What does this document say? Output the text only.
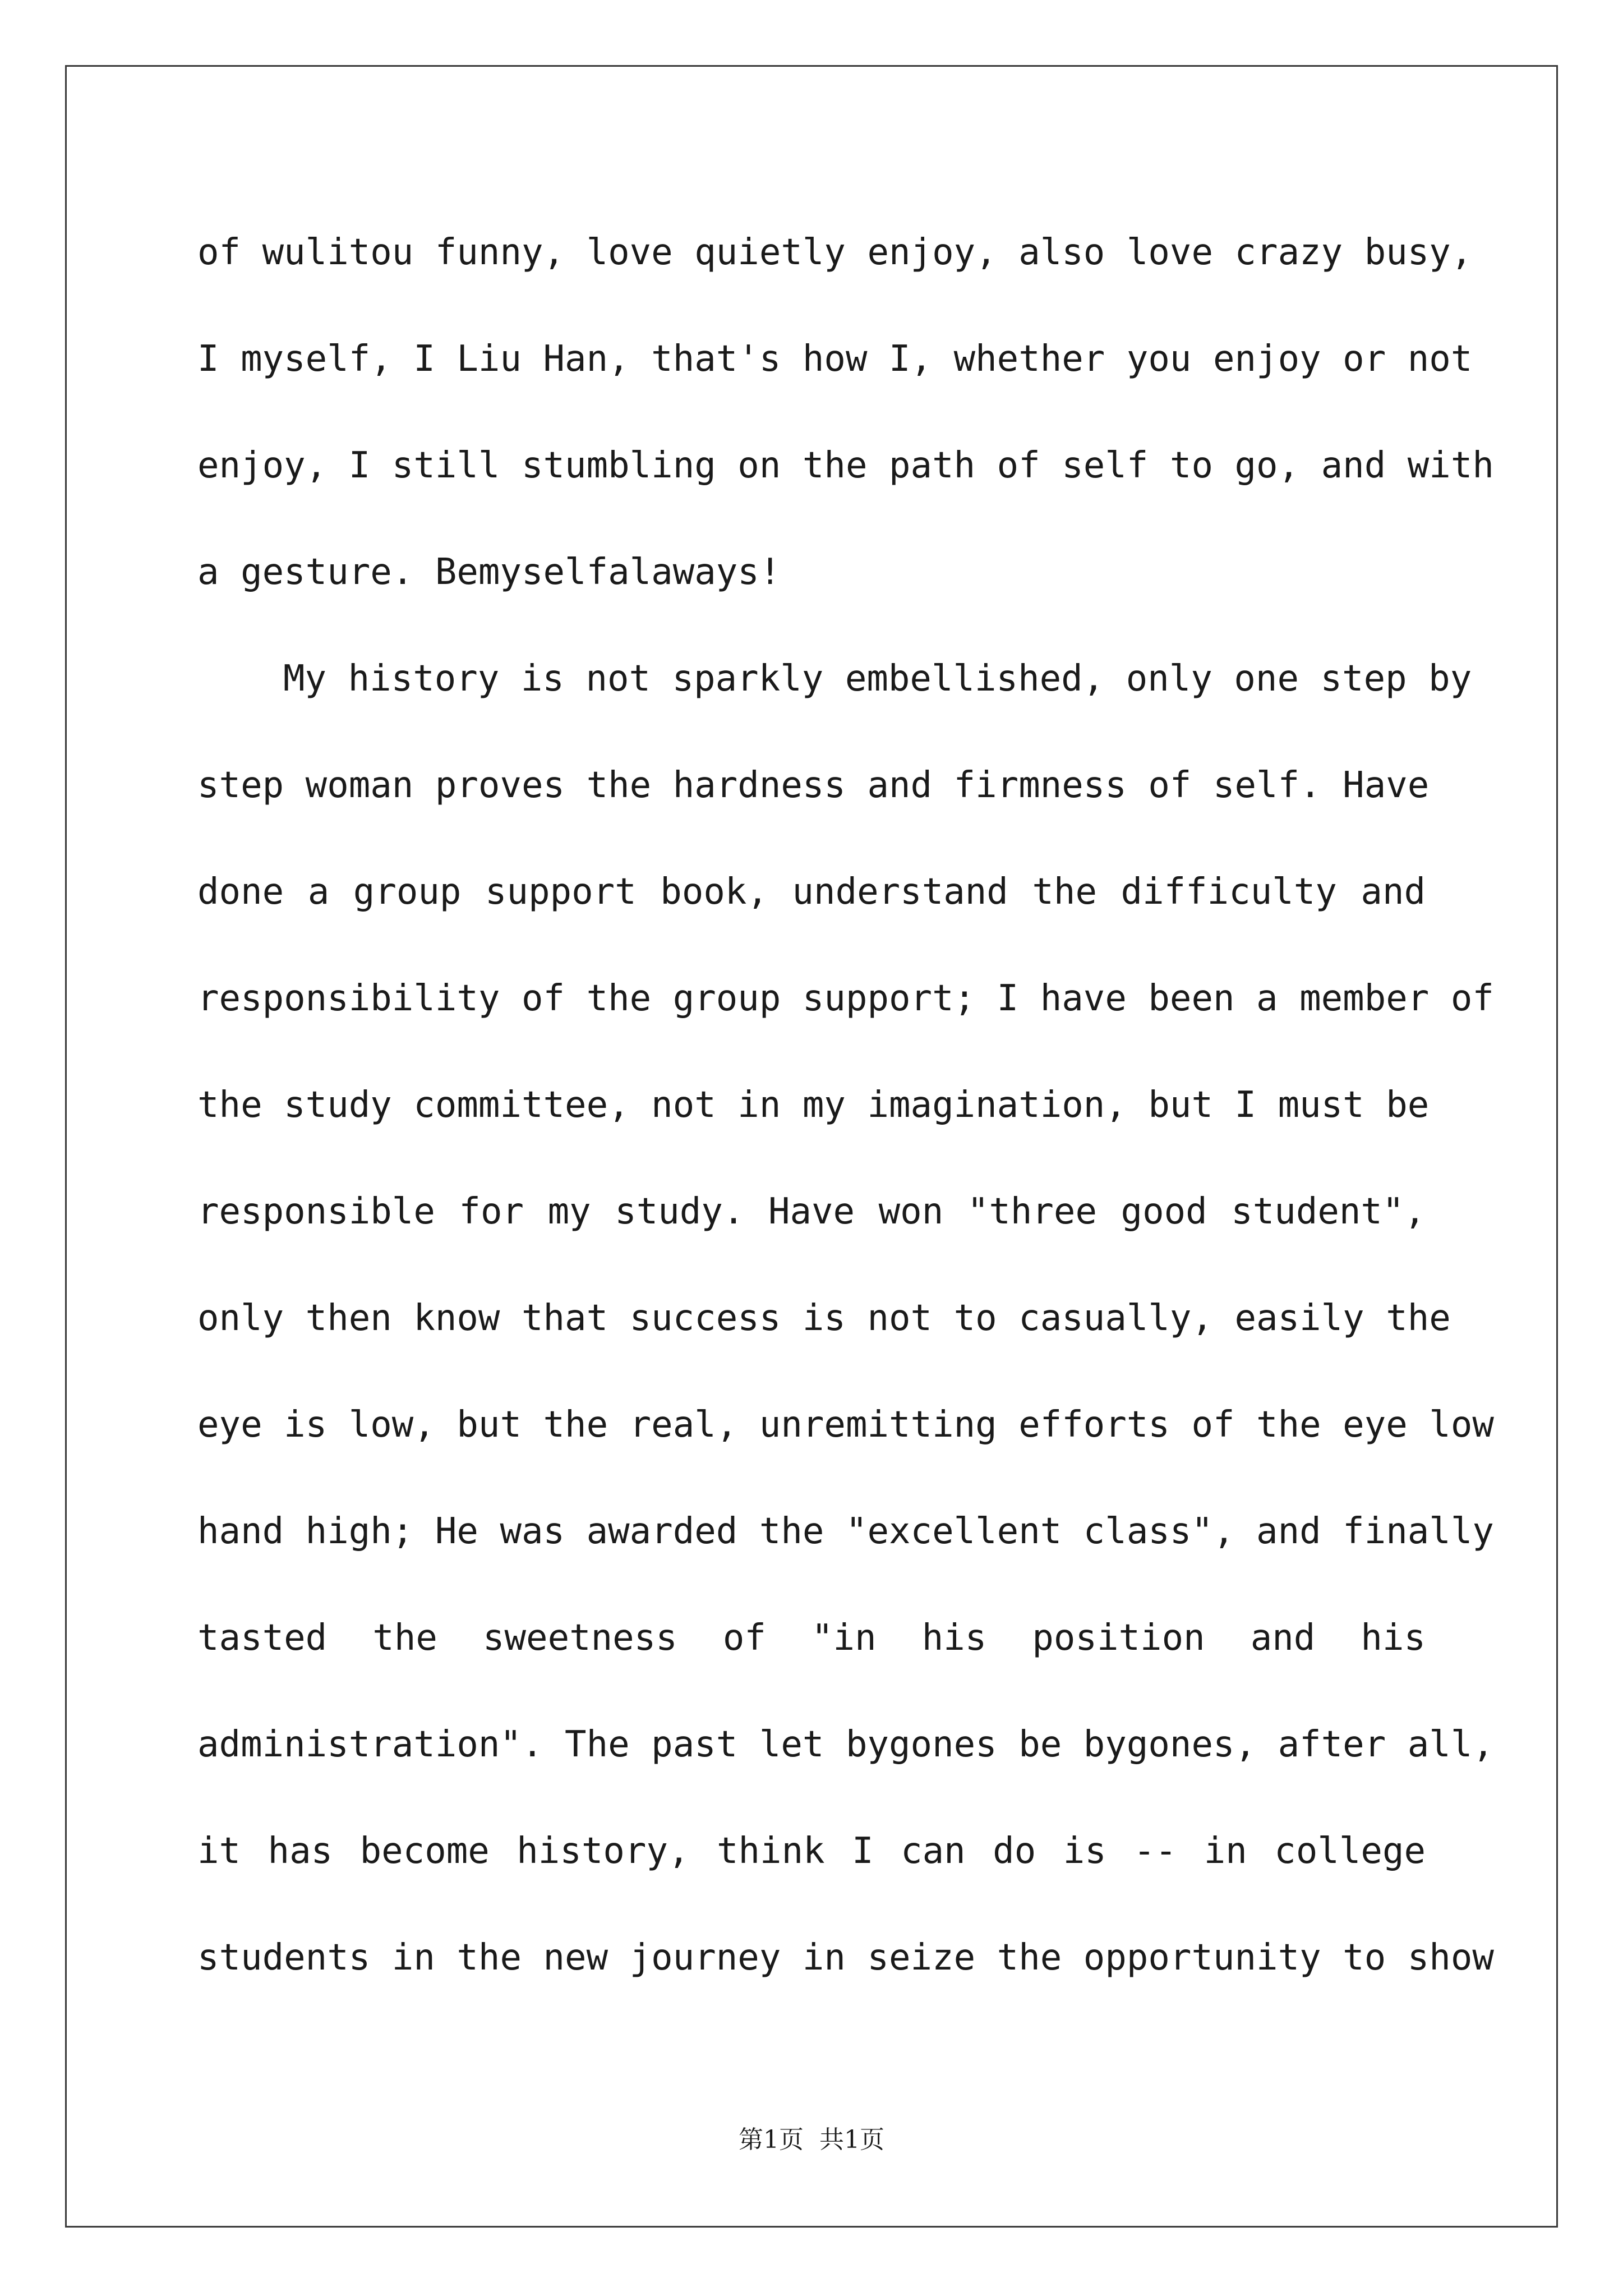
of wulitou funny, love quietly enjoy, also love crazy busy,
I myself, I Liu Han, that's how I, whether you enjoy or not
enjoy, I still stumbling on the path of self to go, and with
a gesture. Bemyselfalaways!
My history is not sparkly embellished, only one step by
step woman proves the hardness and firmness of self. Have
done a group support book, understand the difficulty and
responsibility of the group support; I have been a member of
the study committee, not in my imagination, but I must be
responsible for my study. Have won "three good student",
only then know that success is not to casually, easily the
eye is low, but the real, unremitting efforts of the eye low
hand high; He was awarded the "excellent class", and finally
tasted the sweetness of "in his position and his
administration". The past let bygones be bygones, after all,
it has become history, think I can do is -- in college
students in the new journey in seize the opportunity to show
第1页  共1页
